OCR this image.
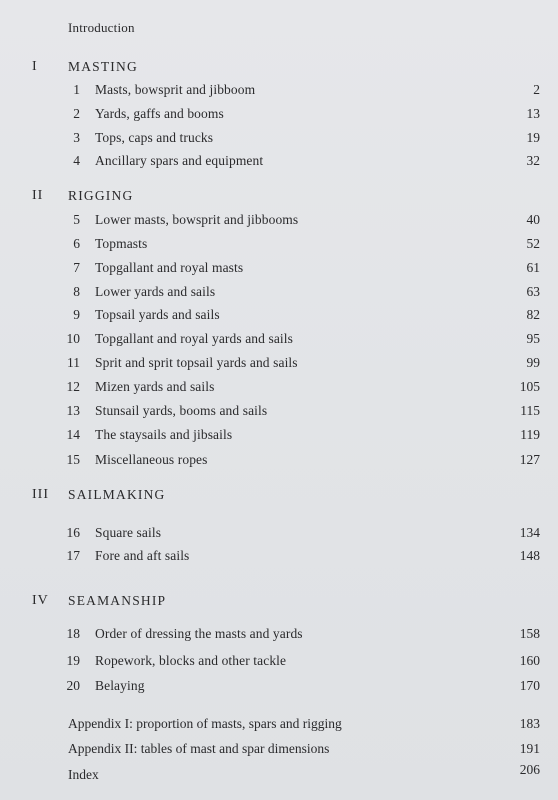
Introduction
I MASTING
1 Masts, bowsprit and jibboom	2
2 Yards, gaffs and booms	13
3 Tops, caps and trucks	19
4 Ancillary spars and equipment	32
II RIGGING
5 Lower masts, bowsprit and jibbooms	40
6 Topmasts	52
7 Topgallant and royal masts	61
8 Lower yards and sails	63
9 Topsail yards and sails	82
10 Topgallant and royal yards and sails	95
11 Sprit and sprit topsail yards and sails	99
12 Mizen yards and sails	105
13 Stunsail yards, booms and sails	115
14 The staysails and jibsails	119
15 Miscellaneous ropes	127
III SAILMAKING
16 Square sails	134
17 Fore and aft sails	148
IV SEAMANSHIP
18 Order of dressing the masts and yards	158
19 Ropework, blocks and other tackle	160
20 Belaying	170
Appendix I: proportion of masts, spars and rigging	183
Appendix II: tables of mast and spar dimensions	191
Index	206
